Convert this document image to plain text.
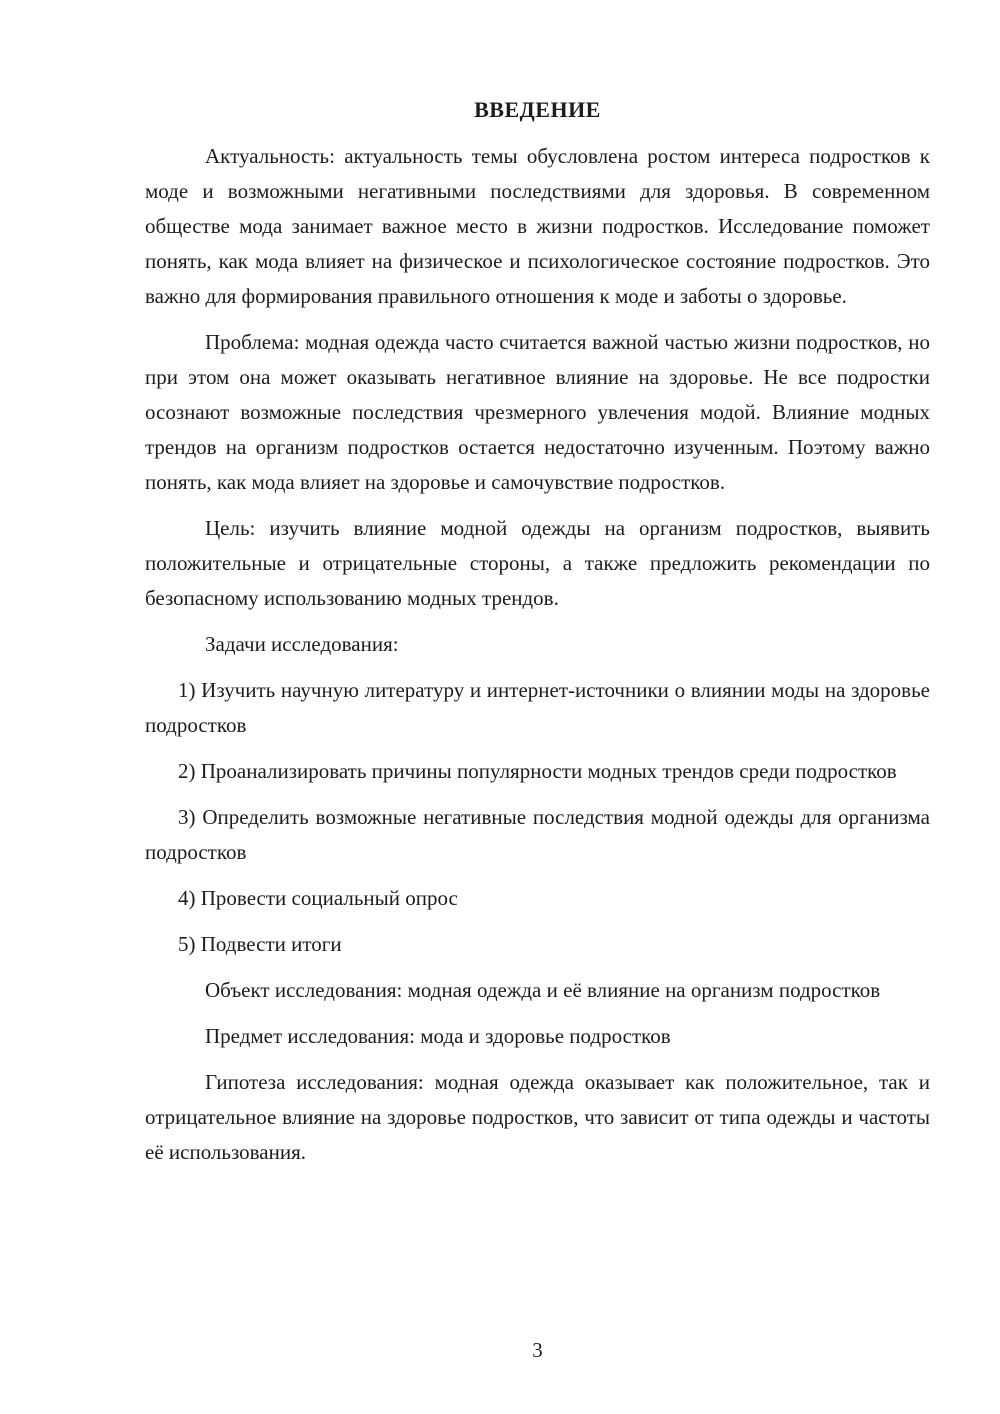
ВВЕДЕНИЕ

Актуальность: актуальность темы обусловлена ростом интереса подростков к моде и возможными негативными последствиями для здоровья. В современном обществе мода занимает важное место в жизни подростков. Исследование поможет понять, как мода влияет на физическое и психологическое состояние подростков. Это важно для формирования правильного отношения к моде и заботы о здоровье.

Проблема: модная одежда часто считается важной частью жизни подростков, но при этом она может оказывать негативное влияние на здоровье. Не все подростки осознают возможные последствия чрезмерного увлечения модой. Влияние модных трендов на организм подростков остается недостаточно изученным. Поэтому важно понять, как мода влияет на здоровье и самочувствие подростков.

Цель: изучить влияние модной одежды на организм подростков, выявить положительные и отрицательные стороны, а также предложить рекомендации по безопасному использованию модных трендов.

Задачи исследования:

1) Изучить научную литературу и интернет-источники о влиянии моды на здоровье подростков

2) Проанализировать причины популярности модных трендов среди подростков

3) Определить возможные негативные последствия модной одежды для организма подростков

4) Провести социальный опрос

5) Подвести итоги

Объект исследования: модная одежда и её влияние на организм подростков

Предмет исследования: мода и здоровье подростков

Гипотеза исследования: модная одежда оказывает как положительное, так и отрицательное влияние на здоровье подростков, что зависит от типа одежды и частоты её использования.

3
